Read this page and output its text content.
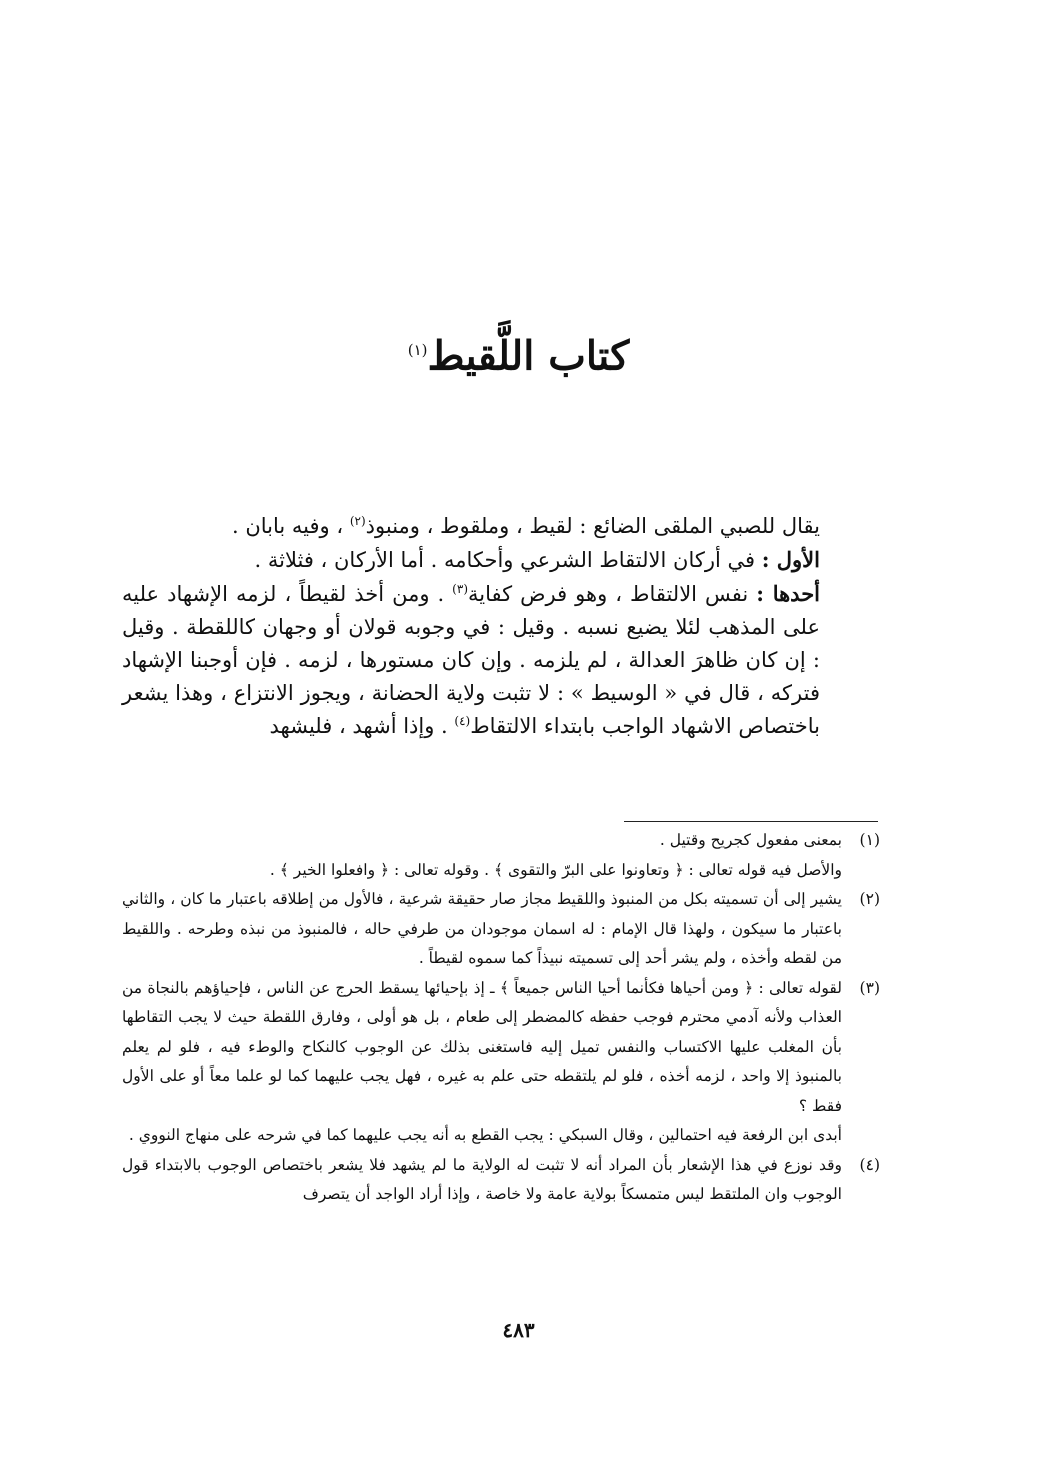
كتاب اللَّقيط$^{(١)}$

يقال للصبي الملقى الضائع : لقيط ، وملقوط ، ومنبوذ$^{(٢)}$ ، وفيه بابان .

الأول : في أركان الالتقاط الشرعي وأحكامه . أما الأركان ، فثلاثة .

أحدها : نفس الالتقاط ، وهو فرض كفاية$^{(٣)}$ . ومن أخذ لقيطاً ، لزمه الإشهاد عليه على المذهب لئلا يضيع نسبه . وقيل : في وجوبه قولان أو وجهان كاللقطة . وقيل : إن كان ظاهرَ العدالة ، لم يلزمه . وإن كان مستورها ، لزمه . فإن أوجبنا الإشهاد فتركه ، قال في « الوسيط » : لا تثبت ولاية الحضانة ، ويجوز الانتزاع ، وهذا يشعر باختصاص الاشهاد الواجب بابتداء الالتقاط$^{(٤)}$ . وإذا أشهد ، فليشهد

(١)

بمعنى مفعول كجريح وقتيل .

والأصل فيه قوله تعالى : ﴿ وتعاونوا على البرّ والتقوى ﴾ . وقوله تعالى : ﴿ وافعلوا الخير ﴾ .

(٢)

يشير إلى أن تسميته بكل من المنبوذ واللقيط مجاز صار حقيقة شرعية ، فالأول من إطلاقه باعتبار ما كان ، والثاني باعتبار ما سيكون ، ولهذا قال الإمام : له اسمان موجودان من طرفي حاله ، فالمنبوذ من نبذه وطرحه . واللقيط من لقطه وأخذه ، ولم يشر أحد إلى تسميته نبيذاً كما سموه لقيطاً .

(٣)

لقوله تعالى : ﴿ ومن أحياها فكأنما أحيا الناس جميعاً ﴾ ـ إذ بإحيائها يسقط الحرج عن الناس ، فإحياؤهم بالنجاة من العذاب ولأنه آدمي محترم فوجب حفظه كالمضطر إلى طعام ، بل هو أولى ، وفارق اللقطة حيث لا يجب التقاطها بأن المغلب عليها الاكتساب والنفس تميل إليه فاستغنى بذلك عن الوجوب كالنكاح والوطء فيه ، فلو لم يعلم بالمنبوذ إلا واحد ، لزمه أخذه ، فلو لم يلتقطه حتى علم به غيره ، فهل يجب عليهما كما لو علما معاً أو على الأول فقط ؟

أبدى ابن الرفعة فيه احتمالين ، وقال السبكي : يجب القطع به أنه يجب عليهما كما في شرحه على منهاج النووي .

(٤)

وقد نوزع في هذا الإشعار بأن المراد أنه لا تثبت له الولاية ما لم يشهد فلا يشعر باختصاص الوجوب بالابتداء قول الوجوب وان الملتقط ليس متمسكاً بولاية عامة ولا خاصة ، وإذا أراد الواجد أن يتصرف

٤٨٣
